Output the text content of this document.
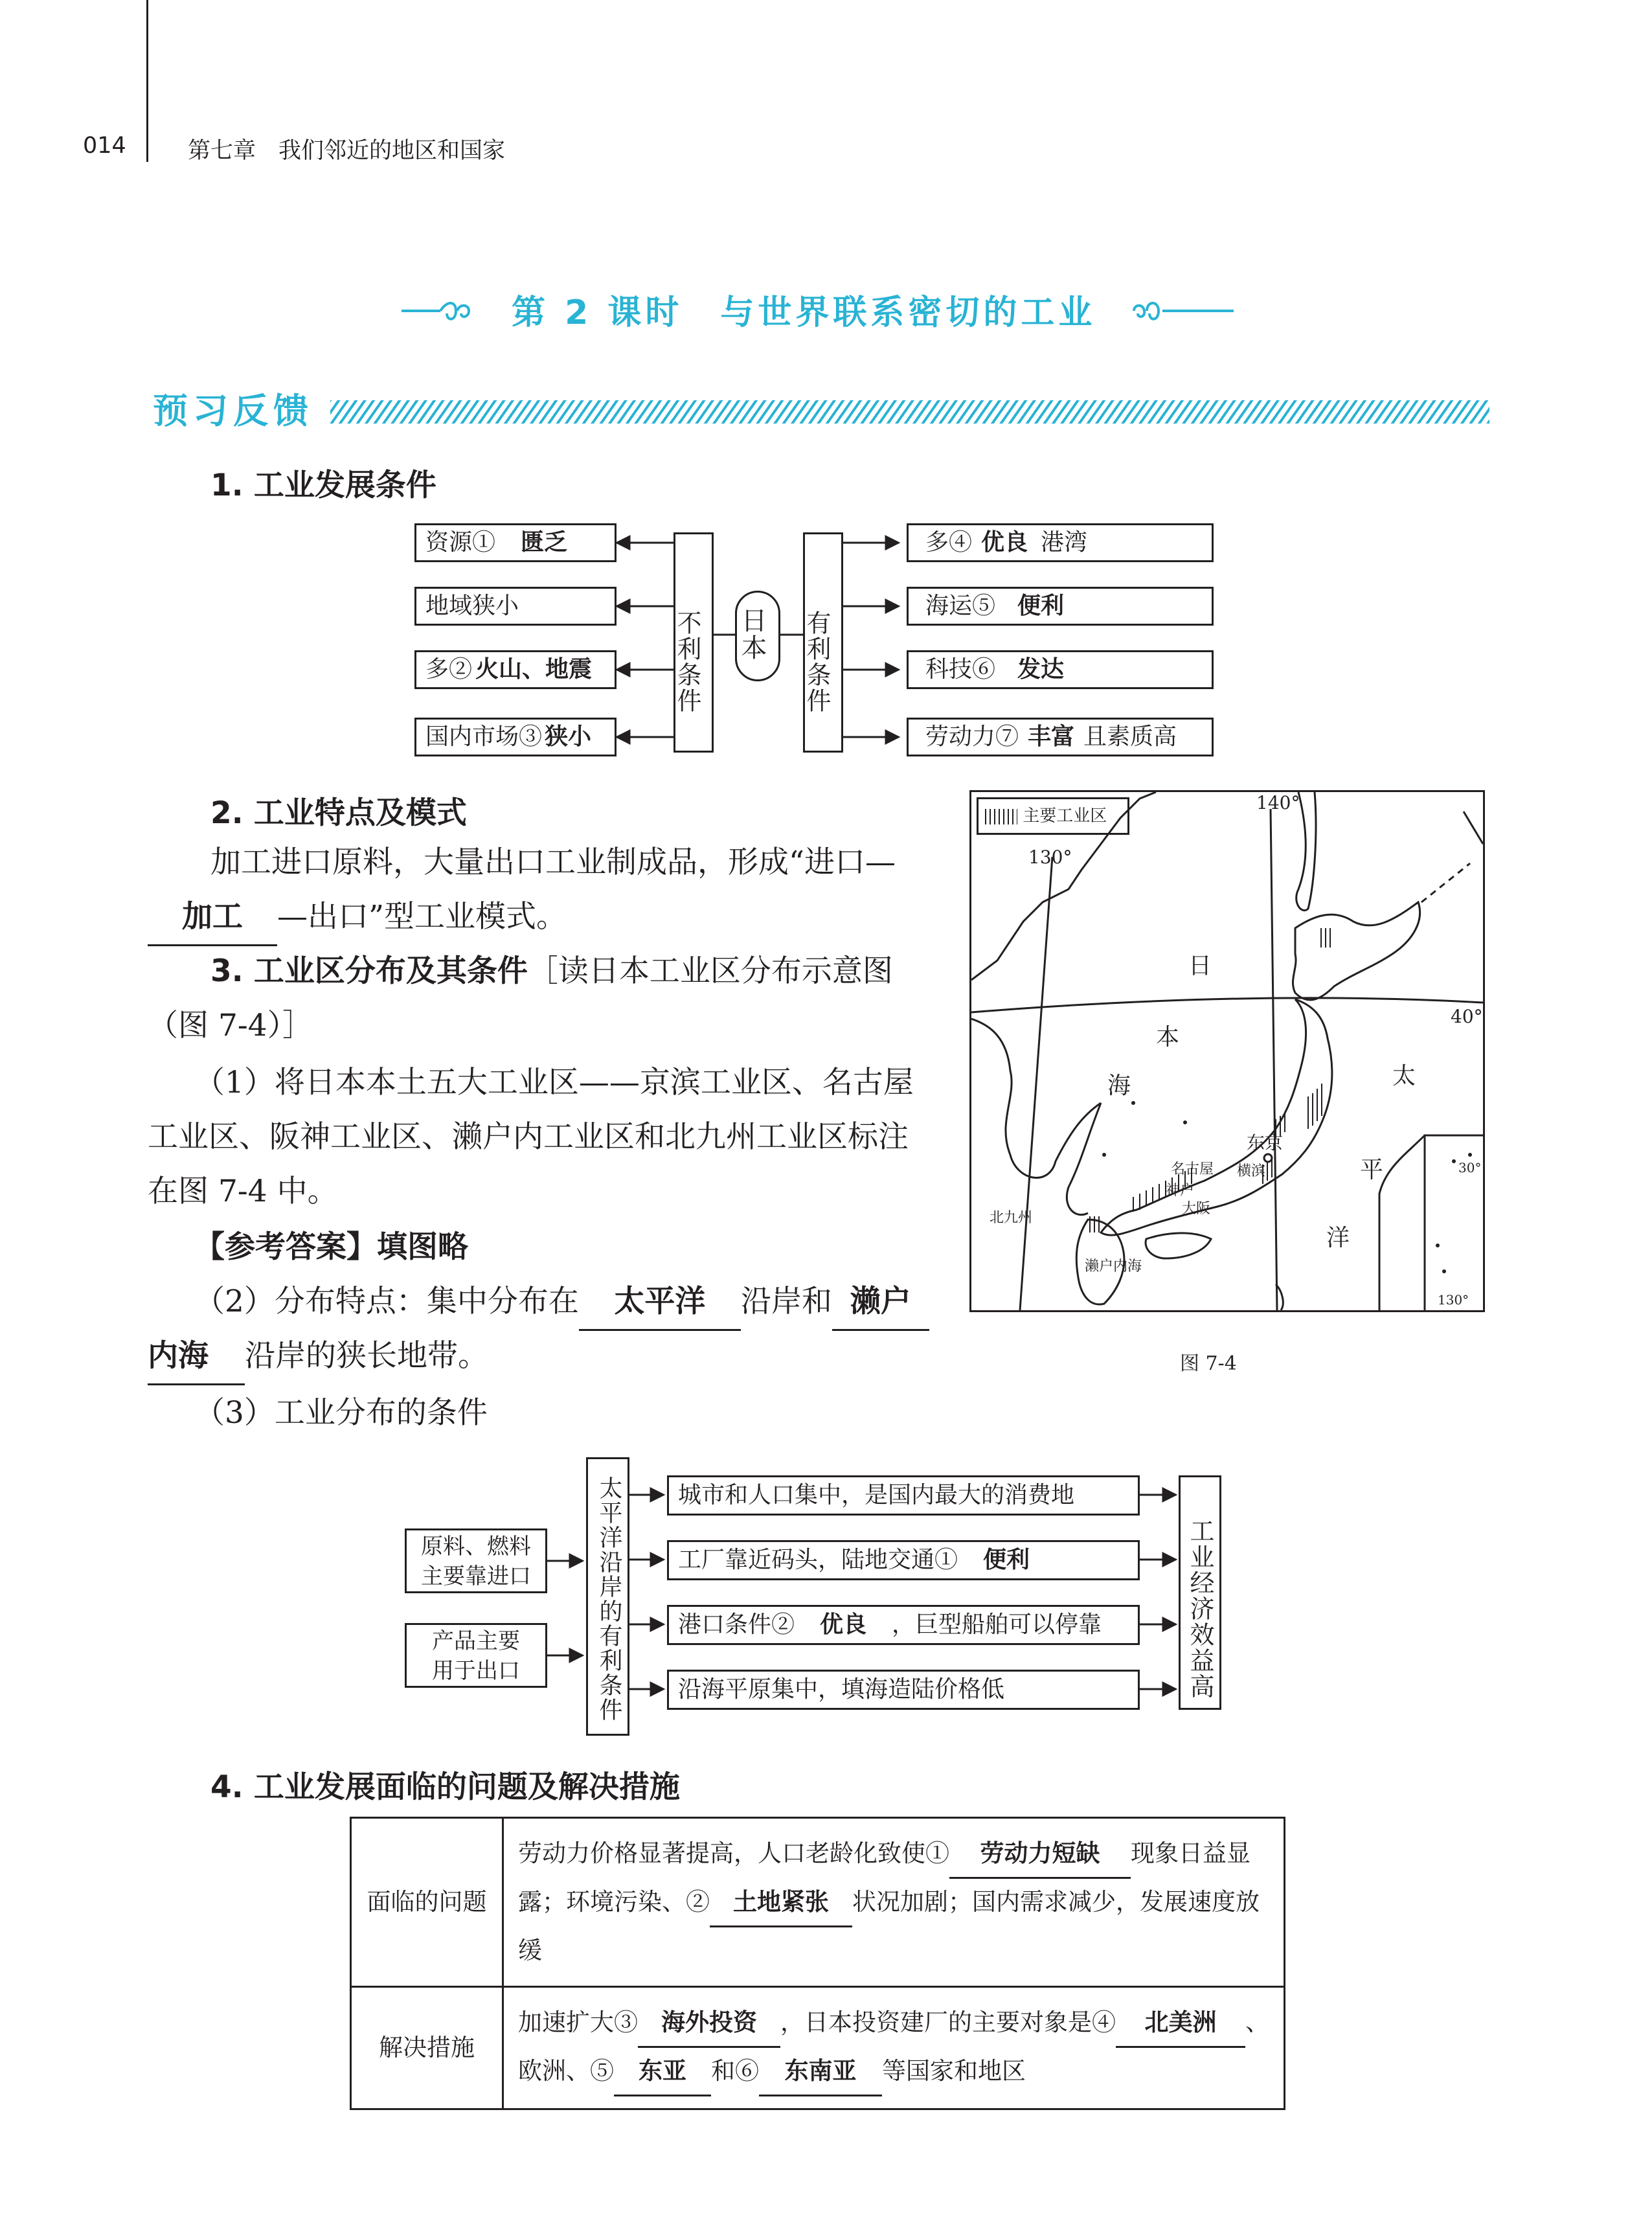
014	第七章　我们邻近的地区和国家
第 2 课时　与世界联系密切的工业
预习反馈
1. 工业发展条件
资源① 匮乏
地域狭小
多② 火山、地震
国内市场③ 狭小
不利条件	日本	有利条件
多④ 优良 港湾
海运⑤ 便利
科技⑥ 发达
劳动力⑦ 丰富 且素质高
2. 工业特点及模式
加工进口原料，大量出口工业制成品，形成“进口—
加工 —出口”型工业模式。
3. 工业区分布及其条件［读日本工业区分布示意图
（图 7-4）］
（1）将日本本土五大工业区——京滨工业区、名古屋
工业区、阪神工业区、濑户内工业区和北九州工业区标注
在图 7-4 中。
【参考答案】填图略
（2）分布特点：集中分布在 太平洋 沿岸和 濑户
内海 沿岸的狭长地带。
（3）工业分布的条件
主要工业区
140°
130°
40°
30°
130°
日
本
海	太
平
洋
东京
名古屋 横滨
神户
大阪
北九州
濑户内海
图 7-4
原料、燃料主要靠进口
产品主要用于出口	太平洋沿岸的有利条件	城市和人口集中，是国内最大的消费地
工厂靠近码头，陆地交通① 便利
港口条件② 优良 ，巨型船舶可以停靠
沿海平原集中，填海造陆价格低	工业经济效益高
4. 工业发展面临的问题及解决措施
面临的问题	劳动力价格显著提高，人口老龄化致使① 劳动力短缺 现象日益显
露；环境污染、② 土地紧张 状况加剧；国内需求减少，发展速度放缓
解决措施	加速扩大③ 海外投资 ，日本投资建厂的主要对象是④ 北美洲 、
欧洲、⑤ 东亚 和⑥ 东南亚 等国家和地区
